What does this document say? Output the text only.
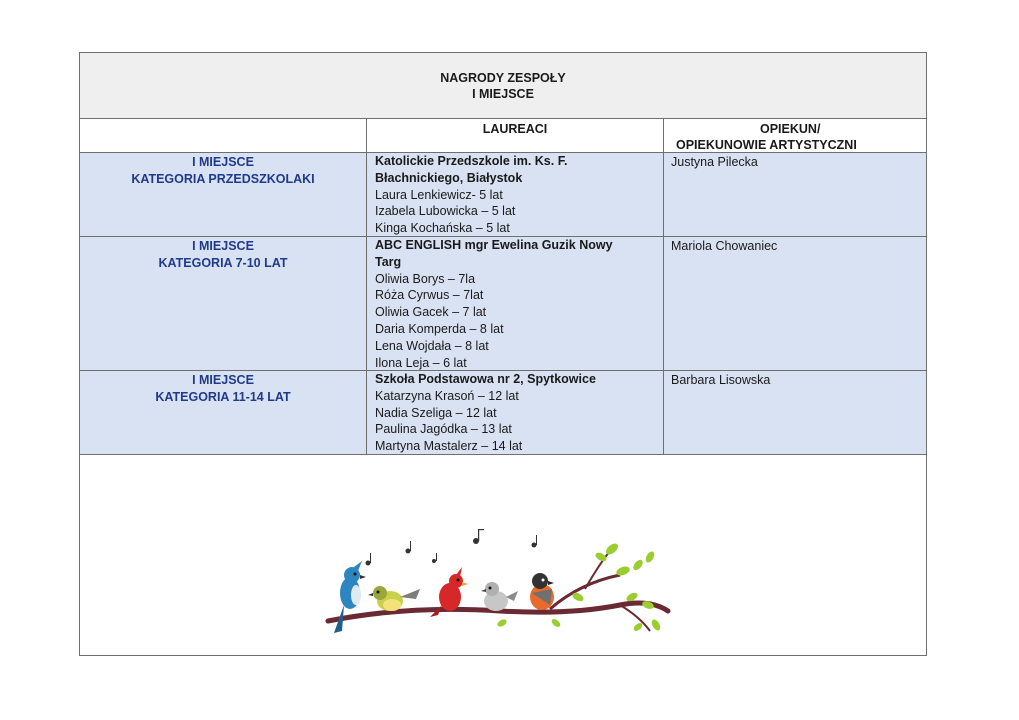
NAGRODY ZESPOŁY
I MIEJSCE
LAUREACI	OPIEKUN/
OPIEKUNOWIE ARTYSTYCZNI
I MIEJSCE
KATEGORIA PRZEDSZKOLAKI
Katolickie Przedszkole im. Ks. F.
Błachnickiego, Białystok
Laura Lenkiewicz- 5 lat
Izabela Lubowicka – 5 lat
Kinga Kochańska – 5 lat
Justyna Pilecka
I MIEJSCE
KATEGORIA 7-10 LAT
ABC ENGLISH mgr Ewelina Guzik Nowy
Targ
Oliwia Borys – 7la
Róża Cyrwus – 7lat
Oliwia Gacek – 7 lat
Daria Komperda – 8 lat
Lena Wojdała – 8 lat
Ilona Leja – 6 lat
Mariola Chowaniec
I MIEJSCE
KATEGORIA 11-14 LAT
Szkoła Podstawowa nr 2, Spytkowice
Katarzyna Krasoń – 12 lat
Nadia Szeliga – 12 lat
Paulina Jagódka – 13 lat
Martyna Mastalerz – 14 lat
Barbara Lisowska
